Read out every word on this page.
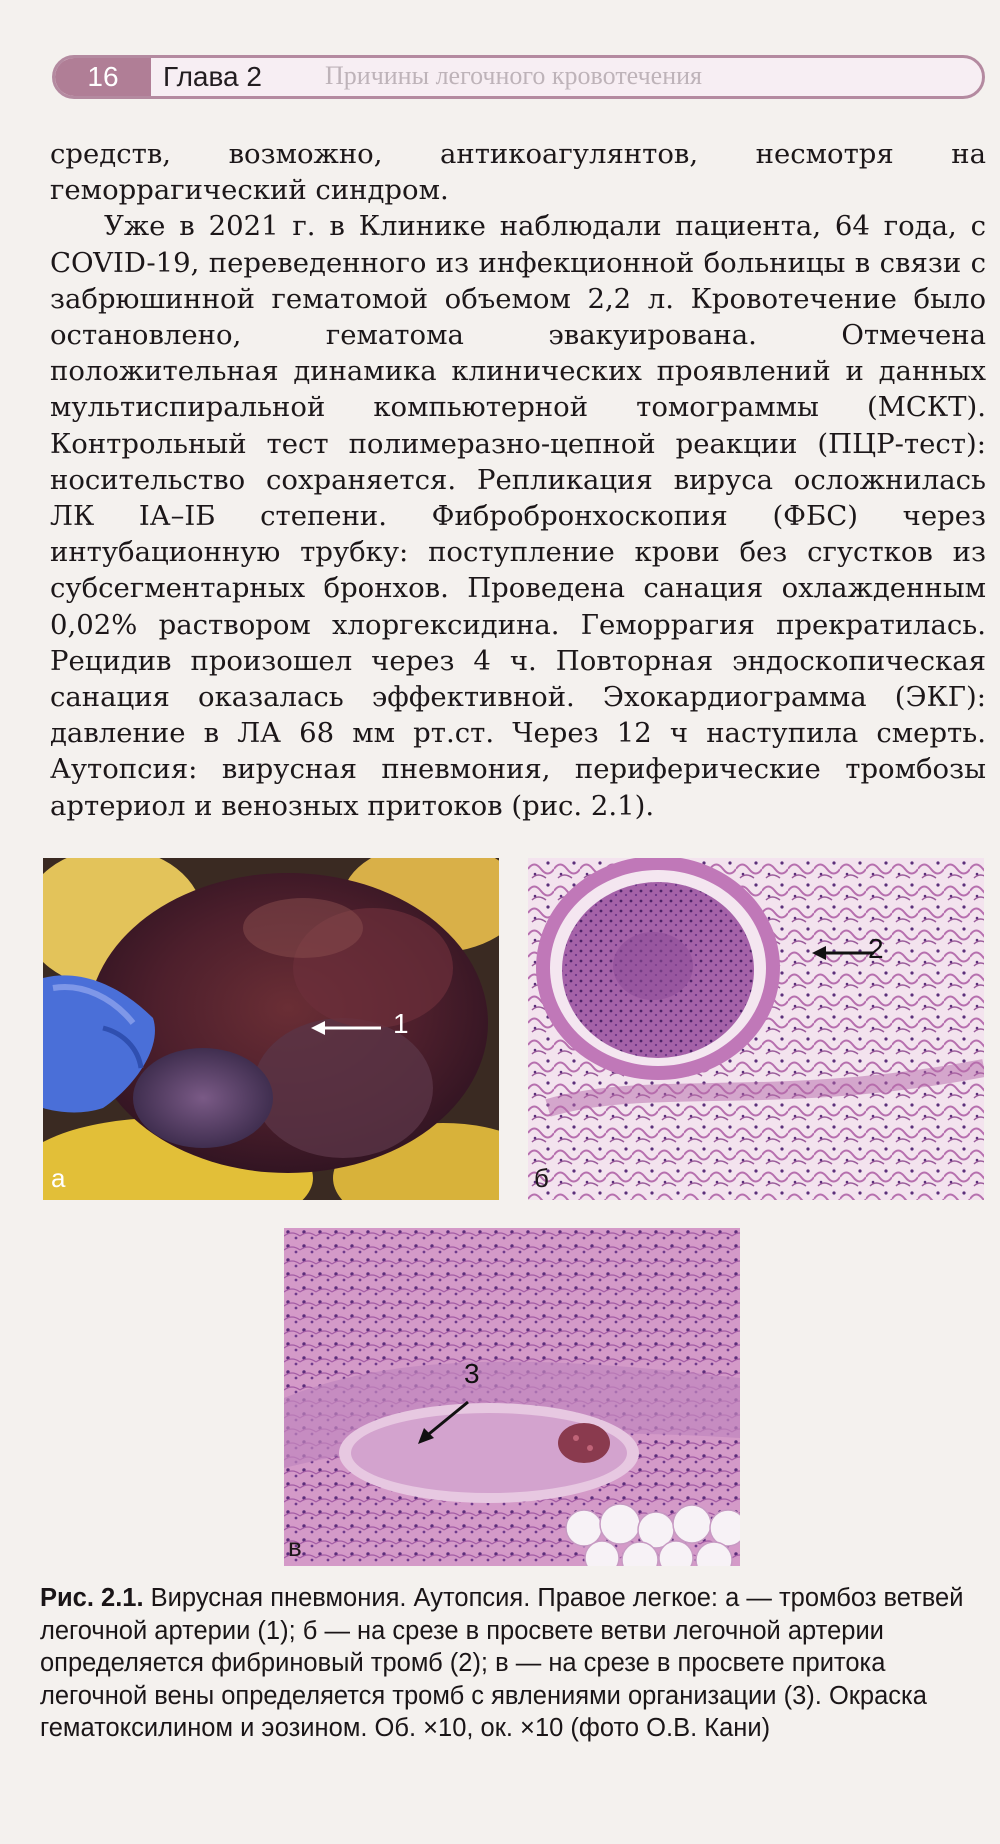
16	Глава 2 Причины легочного кровотечения

средств, возможно, антикоагулянтов, несмотря на геморрагический синдром.

Уже в 2021 г. в Клинике наблюдали пациента, 64 года, с COVID-19, переведенного из инфекционной больницы в связи с забрюшинной гематомой объемом 2,2 л. Кровотечение было остановлено, гематома эвакуирована. Отмечена положительная динамика клинических проявлений и данных мультиспиральной компьютерной томограммы (МСКТ). Контрольный тест полимеразно-цепной реакции (ПЦР-тест): носительство сохраняется. Репликация вируса осложнилась ЛК IА–IБ степени. Фибробронхоскопия (ФБС) через интубационную трубку: поступление крови без сгустков из субсегментарных бронхов. Проведена санация охлажденным 0,02% раствором хлоргексидина. Геморрагия прекратилась. Рецидив произошел через 4 ч. Повторная эндоскопическая санация оказалась эффективной. Эхокардиограмма (ЭКГ): давление в ЛА 68 мм рт.ст. Через 12 ч наступила смерть. Аутопсия: вирусная пневмония, периферические тромбозы артериол и венозных притоков (рис. 2.1).

1
а
2
б
3
в
Рис. 2.1. Вирусная пневмония. Аутопсия. Правое легкое: а — тромбоз ветвей легочной артерии (1); б — на срезе в просвете ветви легочной артерии определяется фибриновый тромб (2); в — на срезе в просвете притока легочной вены определяется тромб с явлениями организации (3). Окраска гематоксилином и эозином. Об. ×10, ок. ×10 (фото О.В. Кани)
